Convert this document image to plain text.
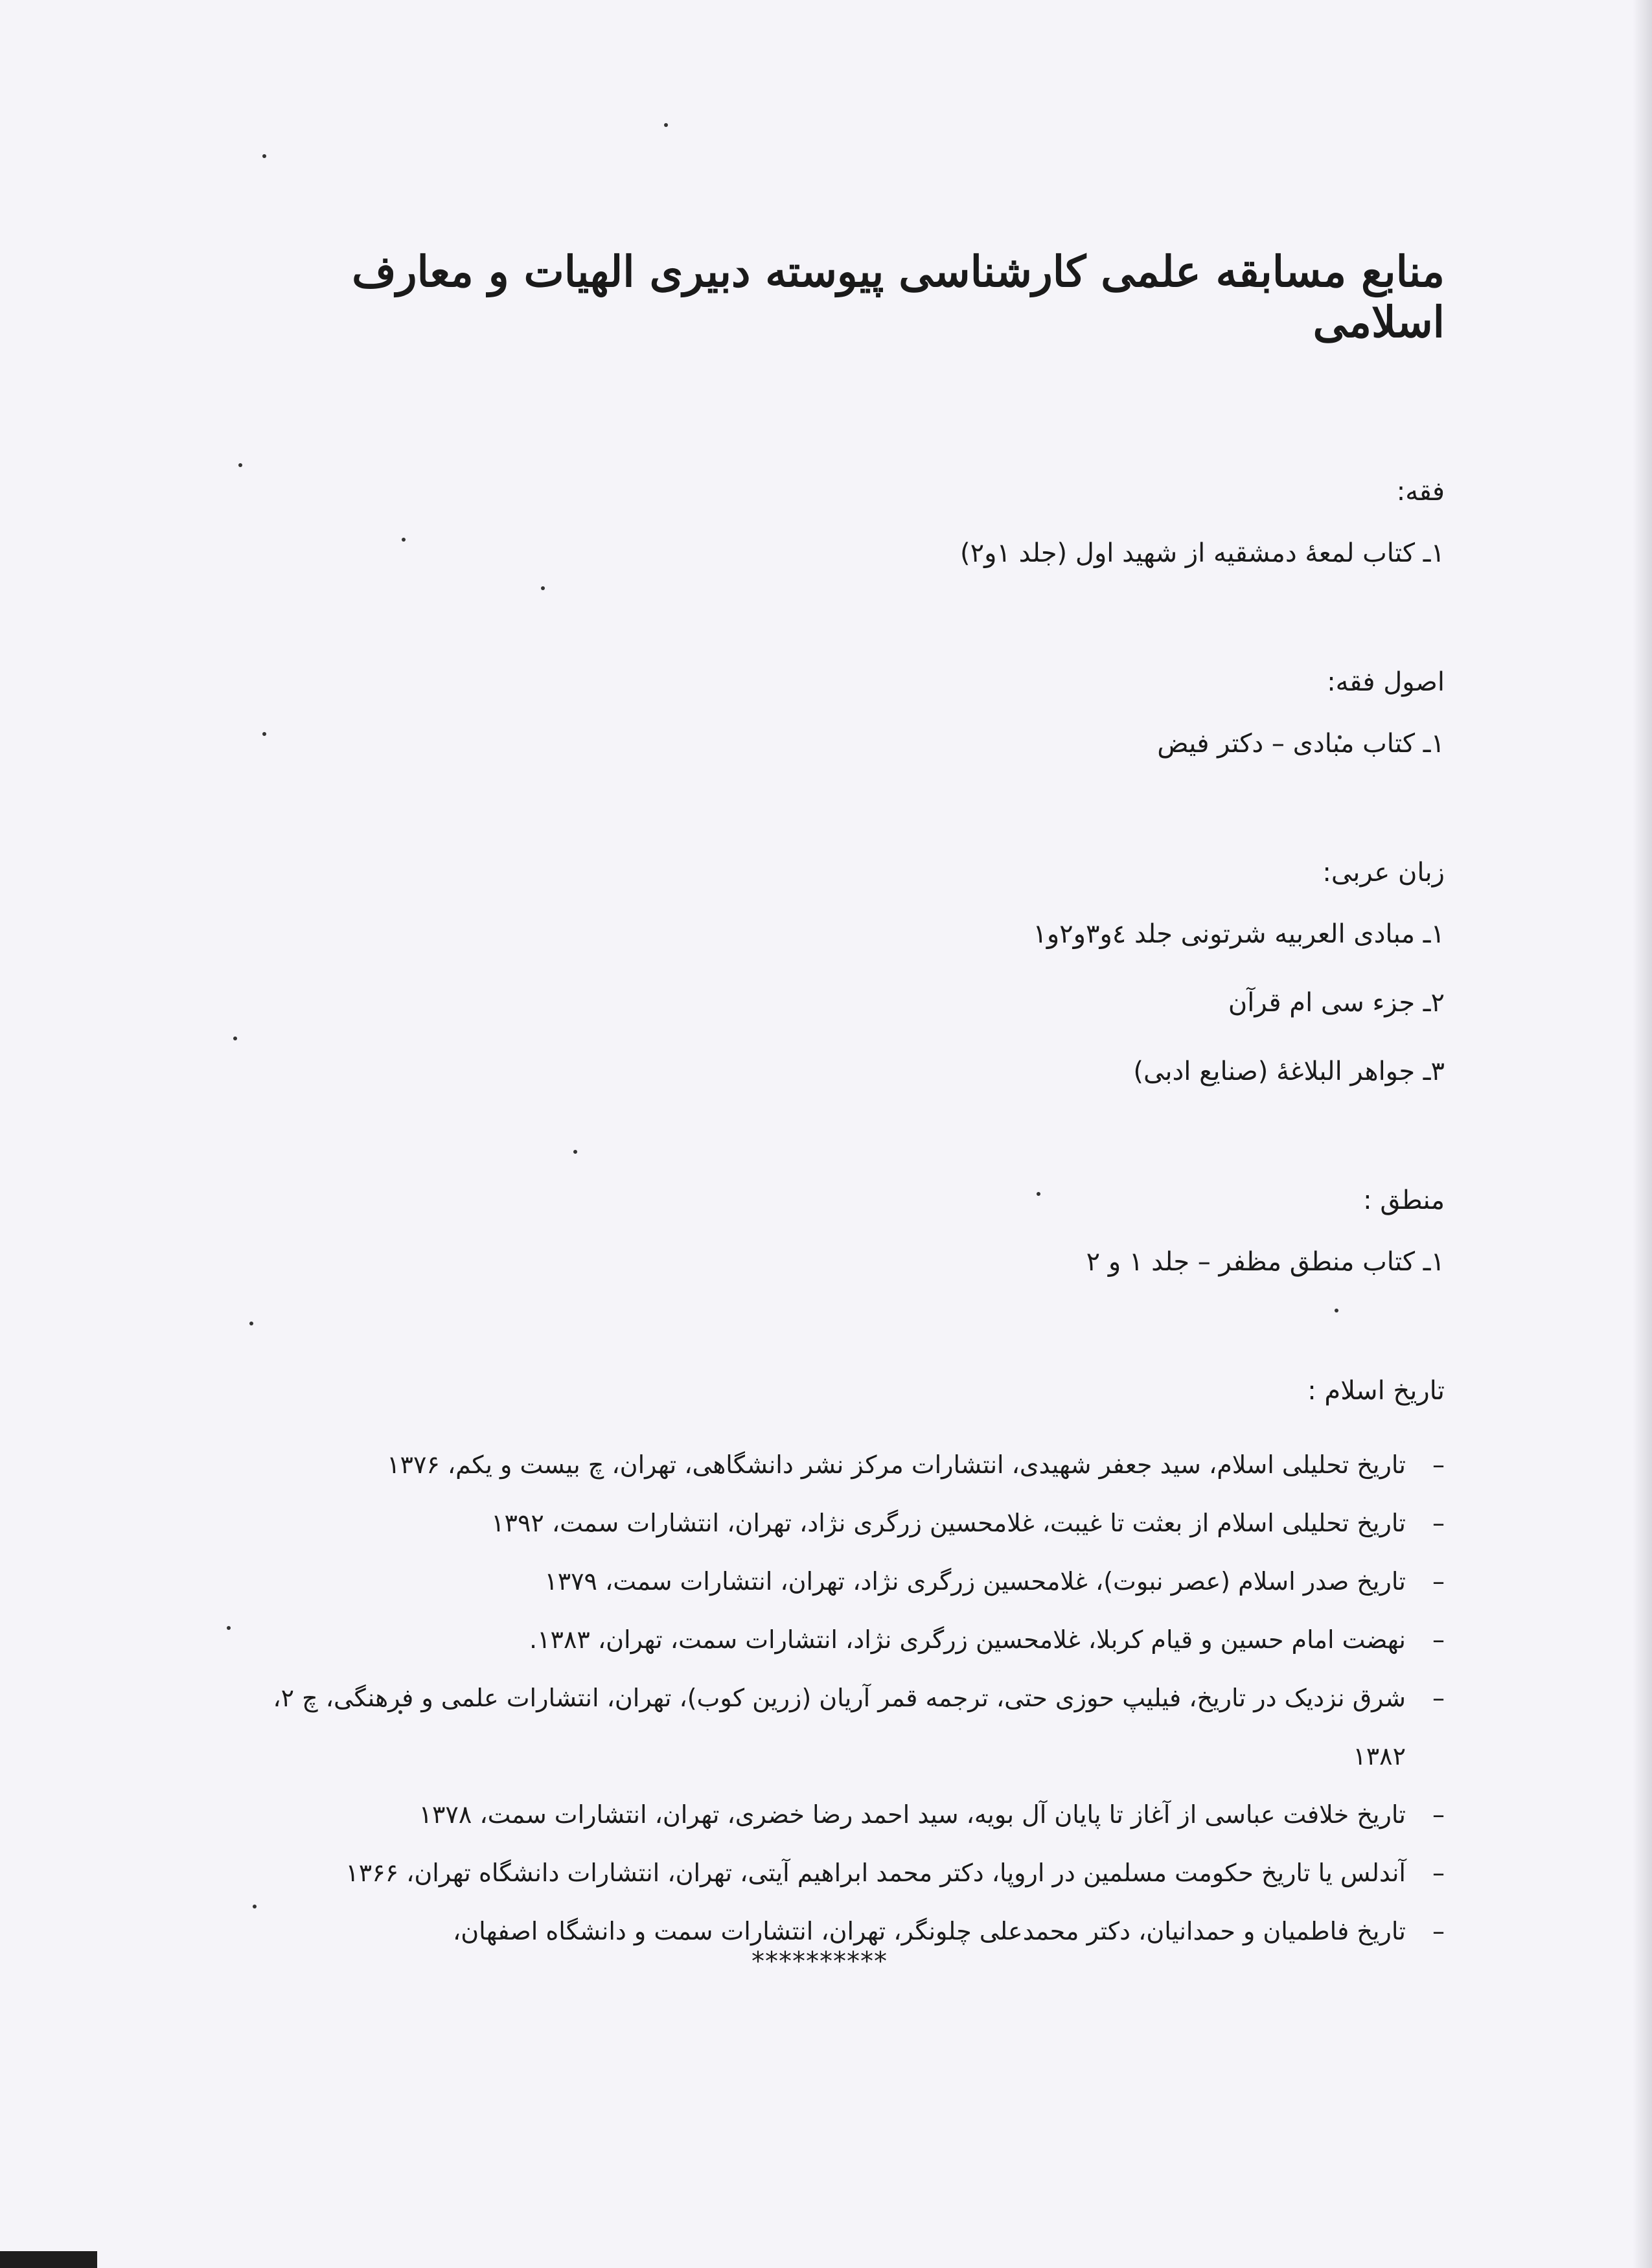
منابع مسابقه علمی کارشناسی پیوسته دبیری الهیات و معارف اسلامی
فقه:

۱ـ کتاب لمعهٔ دمشقیه از شهید اول (جلد ۱و۲)

اصول فقه:

۱ـ کتاب مبادی – دکتر فیض

زبان عربی:

۱ـ مبادی العربیه شرتونی جلد ٤و۳و۲و۱

۲ـ جزء سی ام قرآن

۳ـ جواهر البلاغهٔ (صنایع ادبی)

منطق :

۱ـ کتاب منطق مظفر – جلد ۱ و ۲

تاریخ اسلام :
–
تاریخ تحلیلی اسلام، سید جعفر شهیدی، انتشارات مرکز نشر دانشگاهی، تهران، چ بیست و یکم، ۱۳۷۶
–
تاریخ تحلیلی اسلام از بعثت تا غیبت، غلامحسین زرگری نژاد، تهران، انتشارات سمت، ۱۳۹۲
–
تاریخ صدر اسلام (عصر نبوت)، غلامحسین زرگری نژاد، تهران، انتشارات سمت، ۱۳۷۹
–
نهضت امام حسین و قیام کربلا، غلامحسین زرگری نژاد، انتشارات سمت، تهران، ۱۳۸۳.
–
شرق نزدیک در تاریخ، فیلیپ حوزی حتی، ترجمه قمر آریان (زرین کوب)، تهران، انتشارات علمی و فرهنگی، چ ۲، ۱۳۸۲
–
تاریخ خلافت عباسی از آغاز تا پایان آل بویه، سید احمد رضا خضری، تهران، انتشارات سمت، ۱۳۷۸
–
آندلس یا تاریخ حکومت مسلمین در اروپا، دکتر محمد ابراهیم آیتی، تهران، انتشارات دانشگاه تهران، ۱۳۶۶
–
تاریخ فاطمیان و حمدانیان، دکتر محمدعلی چلونگر، تهران، انتشارات سمت و دانشگاه اصفهان،
**********
